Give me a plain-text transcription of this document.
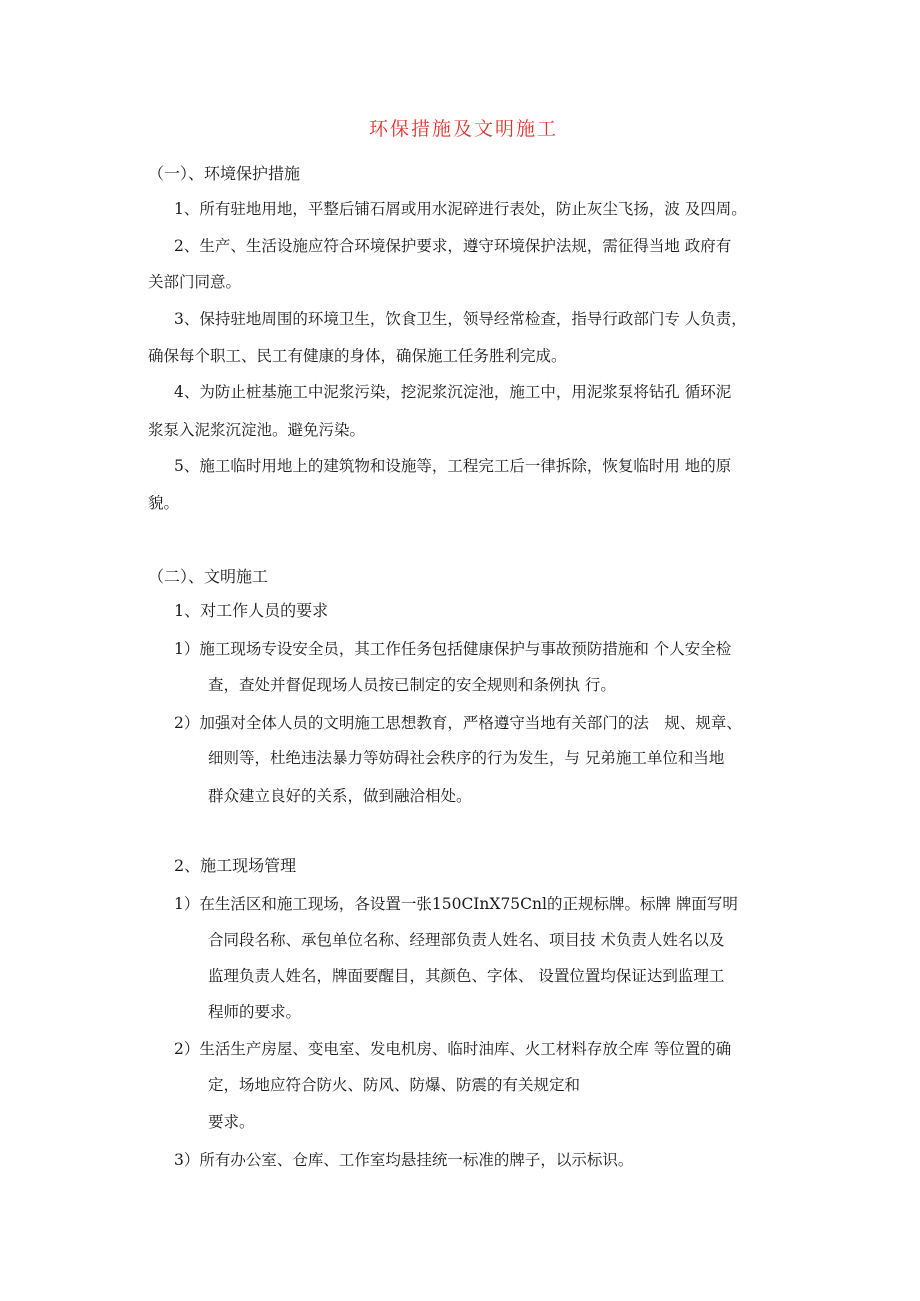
环保措施及文明施工
（一）、环境保护措施
1、所有驻地用地，平整后铺石屑或用水泥碎进行表处，防止灰尘飞扬，波 及四周。
2、生产、生活设施应符合环境保护要求，遵守环境保护法规，需征得当地 政府有
关部门同意。
3、保持驻地周围的环境卫生，饮食卫生，领导经常检查，指导行政部门专 人负责，
确保每个职工、民工有健康的身体，确保施工任务胜利完成。
4、为防止桩基施工中泥浆污染，挖泥浆沉淀池，施工中，用泥浆泵将钻孔 循环泥
浆泵入泥浆沉淀池。避免污染。
5、施工临时用地上的建筑物和设施等，工程完工后一律拆除，恢复临时用 地的原
貌。
（二）、文明施工
1、对工作人员的要求
1）施工现场专设安全员，其工作任务包括健康保护与事故预防措施和 个人安全检
查，查处并督促现场人员按已制定的安全规则和条例执 行。
2）加强对全体人员的文明施工思想教育，严格遵守当地有关部门的法　规、规章、
细则等，杜绝违法暴力等妨碍社会秩序的行为发生，与 兄弟施工单位和当地
群众建立良好的关系，做到融洽相处。
2、施工现场管理
1）在生活区和施工现场，各设置一张150CInX75Cnl的正规标牌。标牌 牌面写明
合同段名称、承包单位名称、经理部负责人姓名、项目技 术负责人姓名以及
监理负责人姓名，牌面要醒目，其颜色、字体、 设置位置均保证达到监理工
程师的要求。
2）生活生产房屋、变电室、发电机房、临时油库、火工材料存放仝库 等位置的确
定，场地应符合防火、防风、防爆、防震的有关规定和
要求。
3）所有办公室、仓库、工作室均悬挂统一标准的牌子，以示标识。
